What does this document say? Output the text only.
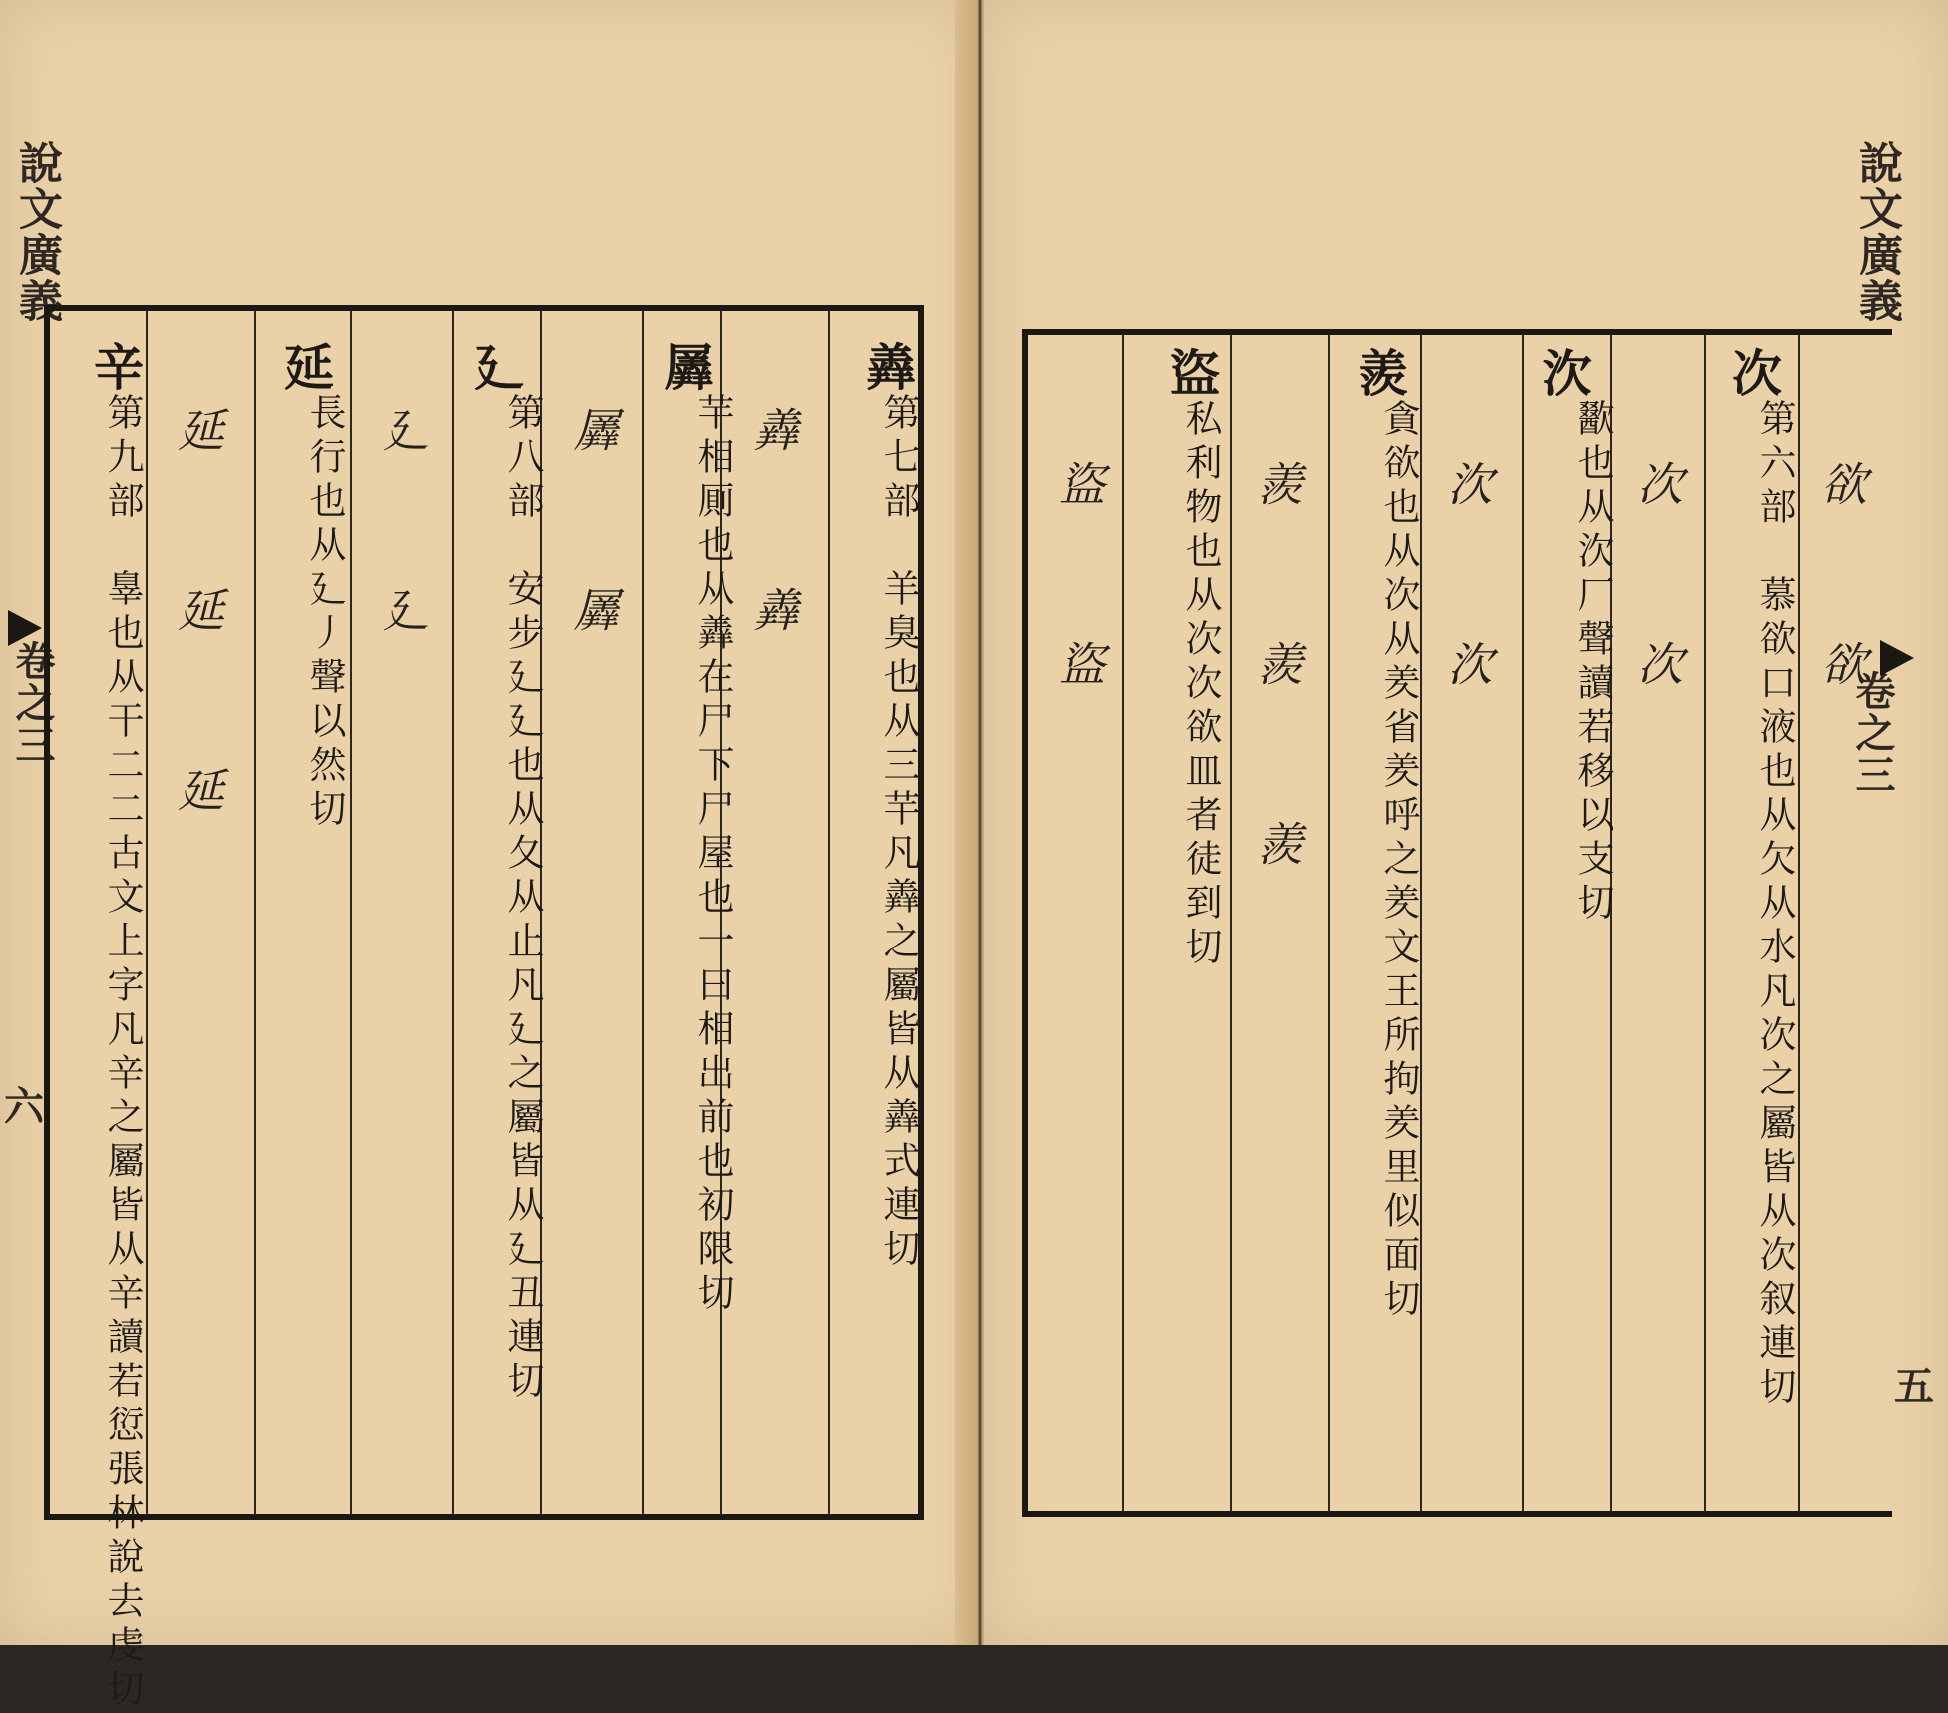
說文廣義
卷之三
六
說文廣義
卷之三
五
羴
第七部　羊臭也从三芉凡羴之屬皆从羴式連切
羴 羴
羼
芉相厠也从羴在尸下尸屋也一曰相出前也初限切
羼 羼
廴
第八部　安步廴廴也从夂从止凡廴之屬皆从廴丑連切
廴 廴
延
長行也从廴丿聲以然切
延 延 延
辛
第九部　辠也从干二二古文上字凡辛之屬皆从辛讀若愆張林說去虔切	欲 欲
次
第六部　慕欲口液也从欠从水凡次之屬皆从次叙連切
次 次
㳄
歠也从㳄厂聲讀若移以支切
㳄 㳄
羨
貪欲也从次从羑省羑呼之羑文王所拘羑里似面切
羨 羨 羨
盜
私利物也从次次欲皿者徒到切
盜 盜
